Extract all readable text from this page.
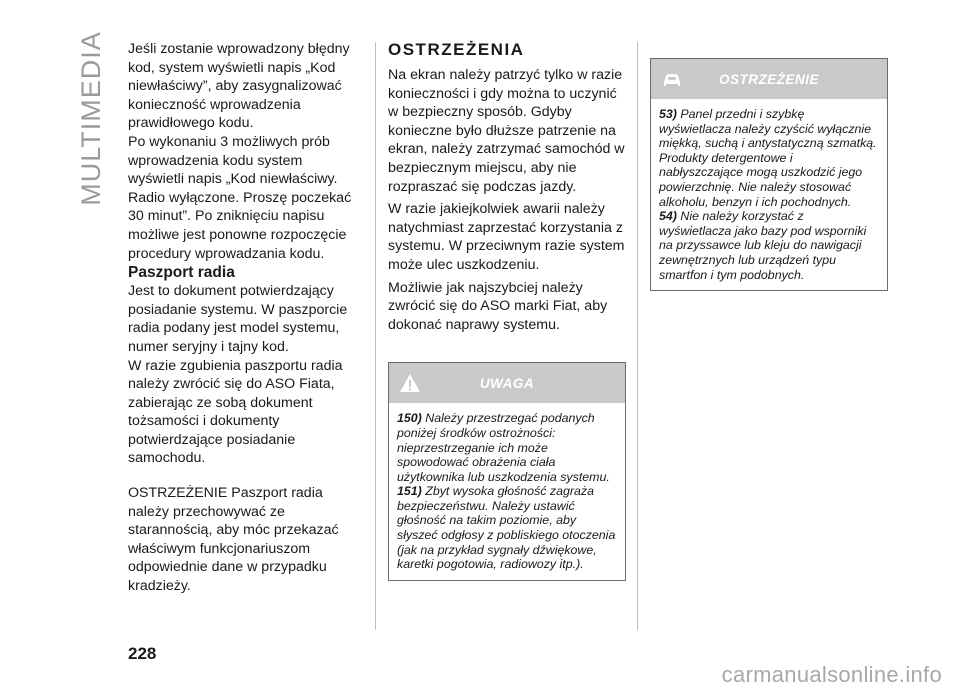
MULTIMEDIA Jeśli zostanie wprowadzony błędny kod, system wyświetli napis „Kod niewłaściwy”, aby zasygnalizować konieczność wprowadzenia prawidłowego kodu.

Po wykonaniu 3 możliwych prób wprowadzenia kodu system wyświetli napis „Kod niewłaściwy. Radio wyłączone. Proszę poczekać 30 minut”. Po zniknięciu napisu możliwe jest ponowne rozpoczęcie procedury wprowadzania kodu.

Paszport radia

Jest to dokument potwierdzający posiadanie systemu. W paszporcie radia podany jest model systemu, numer seryjny i tajny kod.

W razie zgubienia paszportu radia należy zwrócić się do ASO Fiata, zabierając ze sobą dokument tożsamości i dokumenty potwierdzające posiadanie samochodu.

OSTRZEŻENIE Paszport radia należy przechowywać ze starannością, aby móc przekazać właściwym funkcjonariuszom odpowiednie dane w przypadku kradzieży.

OSTRZEŻENIA

Na ekran należy patrzyć tylko w razie konieczności i gdy można to uczynić w bezpieczny sposób. Gdyby konieczne było dłuższe patrzenie na ekran, należy zatrzymać samochód w bezpiecznym miejscu, aby nie rozpraszać się podczas jazdy.

W razie jakiejkolwiek awarii należy natychmiast zaprzestać korzystania z systemu. W przeciwnym razie system może ulec uszkodzeniu.

Możliwie jak najszybciej należy zwrócić się do ASO marki Fiat, aby dokonać naprawy systemu.

UWAGA

150) Należy przestrzegać podanych poniżej środków ostrożności: nieprzestrzeganie ich może spowodować obrażenia ciała użytkownika lub uszkodzenia systemu.

151) Zbyt wysoka głośność zagraża bezpieczeństwu. Należy ustawić głośność na takim poziomie, aby słyszeć odgłosy z pobliskiego otoczenia (jak na przykład sygnały dźwiękowe, karetki pogotowia, radiowozy itp.).

OSTRZEŻENIE

53) Panel przedni i szybkę wyświetlacza należy czyścić wyłącznie miękką, suchą i antystatyczną szmatką. Produkty detergentowe i nabłyszczające mogą uszkodzić jego powierzchnię. Nie należy stosować alkoholu, benzyn i ich pochodnych.

54) Nie należy korzystać z wyświetlacza jako bazy pod wsporniki na przyssawce lub kleju do nawigacji zewnętrznych lub urządzeń typu smartfon i tym podobnych.

228
carmanualsonline.info
